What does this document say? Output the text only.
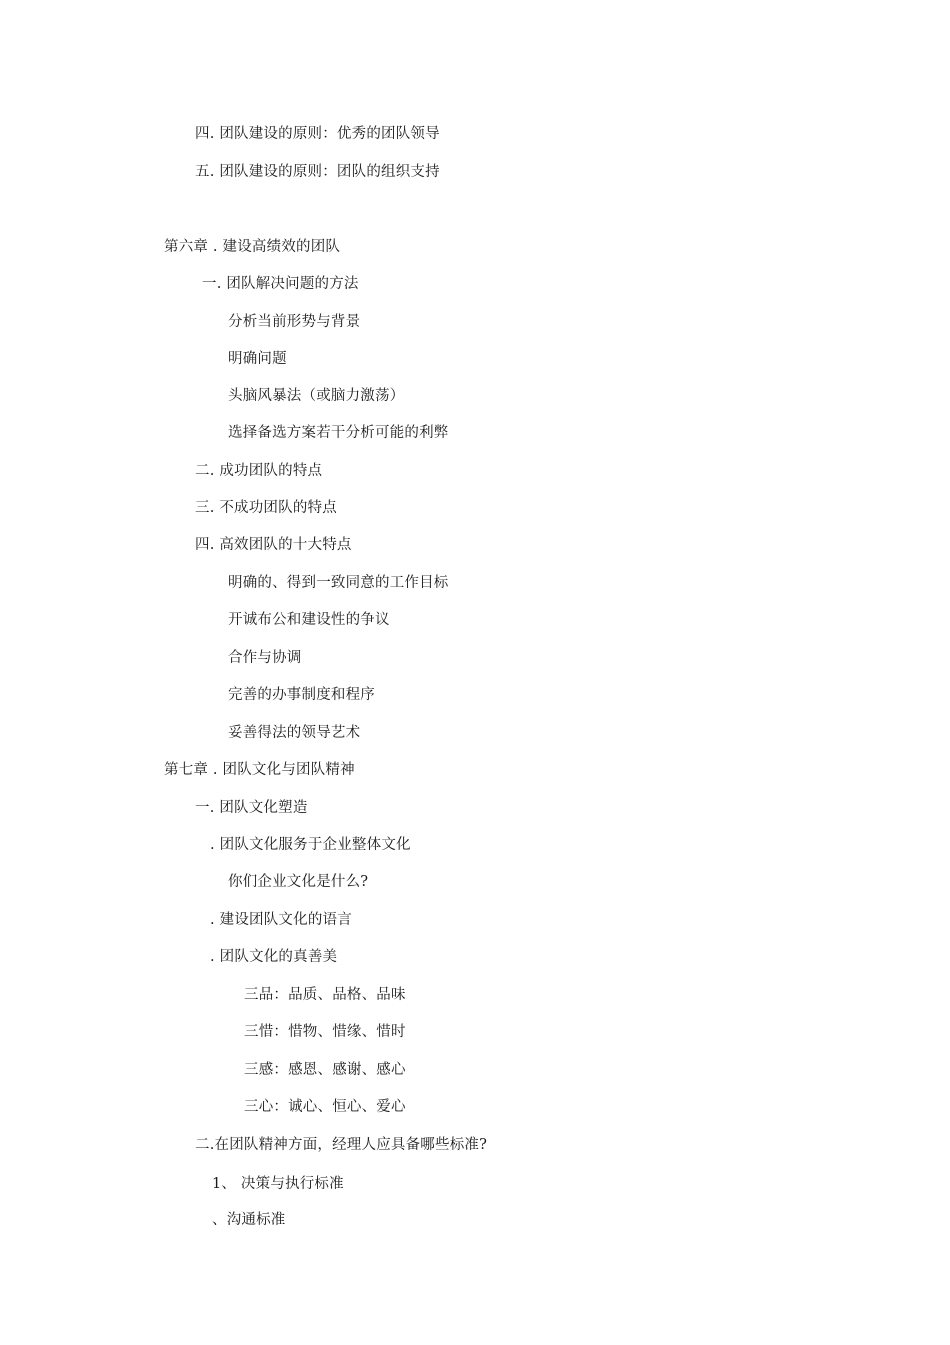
四. 团队建设的原则：优秀的团队领导
五. 团队建设的原则：团队的组织支持
第六章 . 建设高绩效的团队
一. 团队解决问题的方法
分析当前形势与背景
明确问题
头脑风暴法（或脑力激荡）
选择备选方案若干分析可能的利弊
二. 成功团队的特点
三. 不成功团队的特点
四. 高效团队的十大特点
明确的、得到一致同意的工作目标
开诚布公和建设性的争议
合作与协调
完善的办事制度和程序
妥善得法的领导艺术
第七章 . 团队文化与团队精神
一. 团队文化塑造
. 团队文化服务于企业整体文化
你们企业文化是什么?
. 建设团队文化的语言
. 团队文化的真善美
三品：品质、品格、品味
三惜：惜物、惜缘、惜时
三感：感恩、感谢、感心
三心：诚心、恒心、爱心
二.在团队精神方面，经理人应具备哪些标准?
1、 决策与执行标准
、沟通标准
